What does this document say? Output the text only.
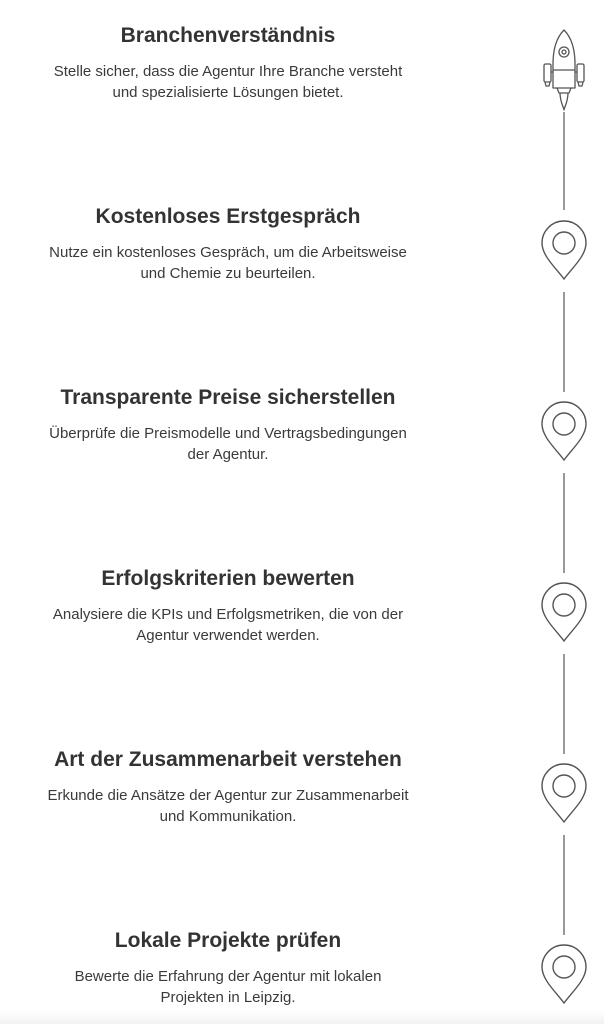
Branchenverständnis

Stelle sicher, dass die Agentur Ihre Branche versteht
und spezialisierte Lösungen bietet.

Kostenloses Erstgespräch

Nutze ein kostenloses Gespräch, um die Arbeitsweise
und Chemie zu beurteilen.

Transparente Preise sicherstellen

Überprüfe die Preismodelle und Vertragsbedingungen
der Agentur.

Erfolgskriterien bewerten

Analysiere die KPIs und Erfolgsmetriken, die von der
Agentur verwendet werden.

Art der Zusammenarbeit verstehen

Erkunde die Ansätze der Agentur zur Zusammenarbeit
und Kommunikation.

Lokale Projekte prüfen

Bewerte die Erfahrung der Agentur mit lokalen
Projekten in Leipzig.
